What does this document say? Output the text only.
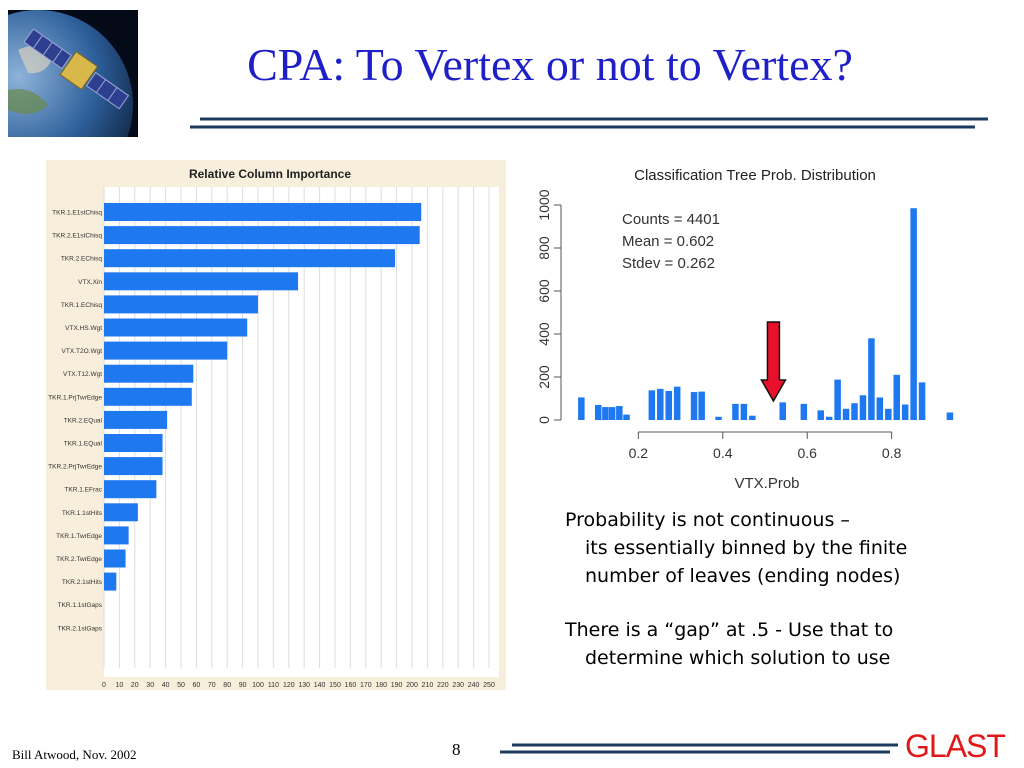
CPA: To Vertex or not to Vertex?
Relative Column Importance
TKR.1.E1stChisq
TKR.2.E1stChisq
TKR.2.EChisq
VTX.Xin
TKR.1.EChisq
VTX.HS.Wgt
VTX.T2O.Wgt
VTX.T12.Wgt
TKR.1.PrjTwrEdge
TKR.2.EQual
TKR.1.EQual
TKR.2.PrjTwrEdge
TKR.1.EFrac
TKR.1.1stHits
TKR.1.TwrEdge
TKR.2.TwrEdge
TKR.2.1stHits
TKR.1.1stGaps
TKR.2.1stGaps
0 10 20 30 40 50 60 70 80 90 100 110 120 130 140 150 160 170 180 190 200 210 220 230 240 250
Classification Tree Prob. Distribution
0.2	0.4	0.6	0.8
0
200
400
600
800
1000	Counts = 4401
Mean = 0.602
Stdev = 0.262
VTX.Prob

Probability is not continuous –

its essentially binned by the finite

number of leaves (ending nodes)

There is a “gap” at .5 - Use that to

determine which solution to use

Bill Atwood, Nov. 2002	8	GLAST
